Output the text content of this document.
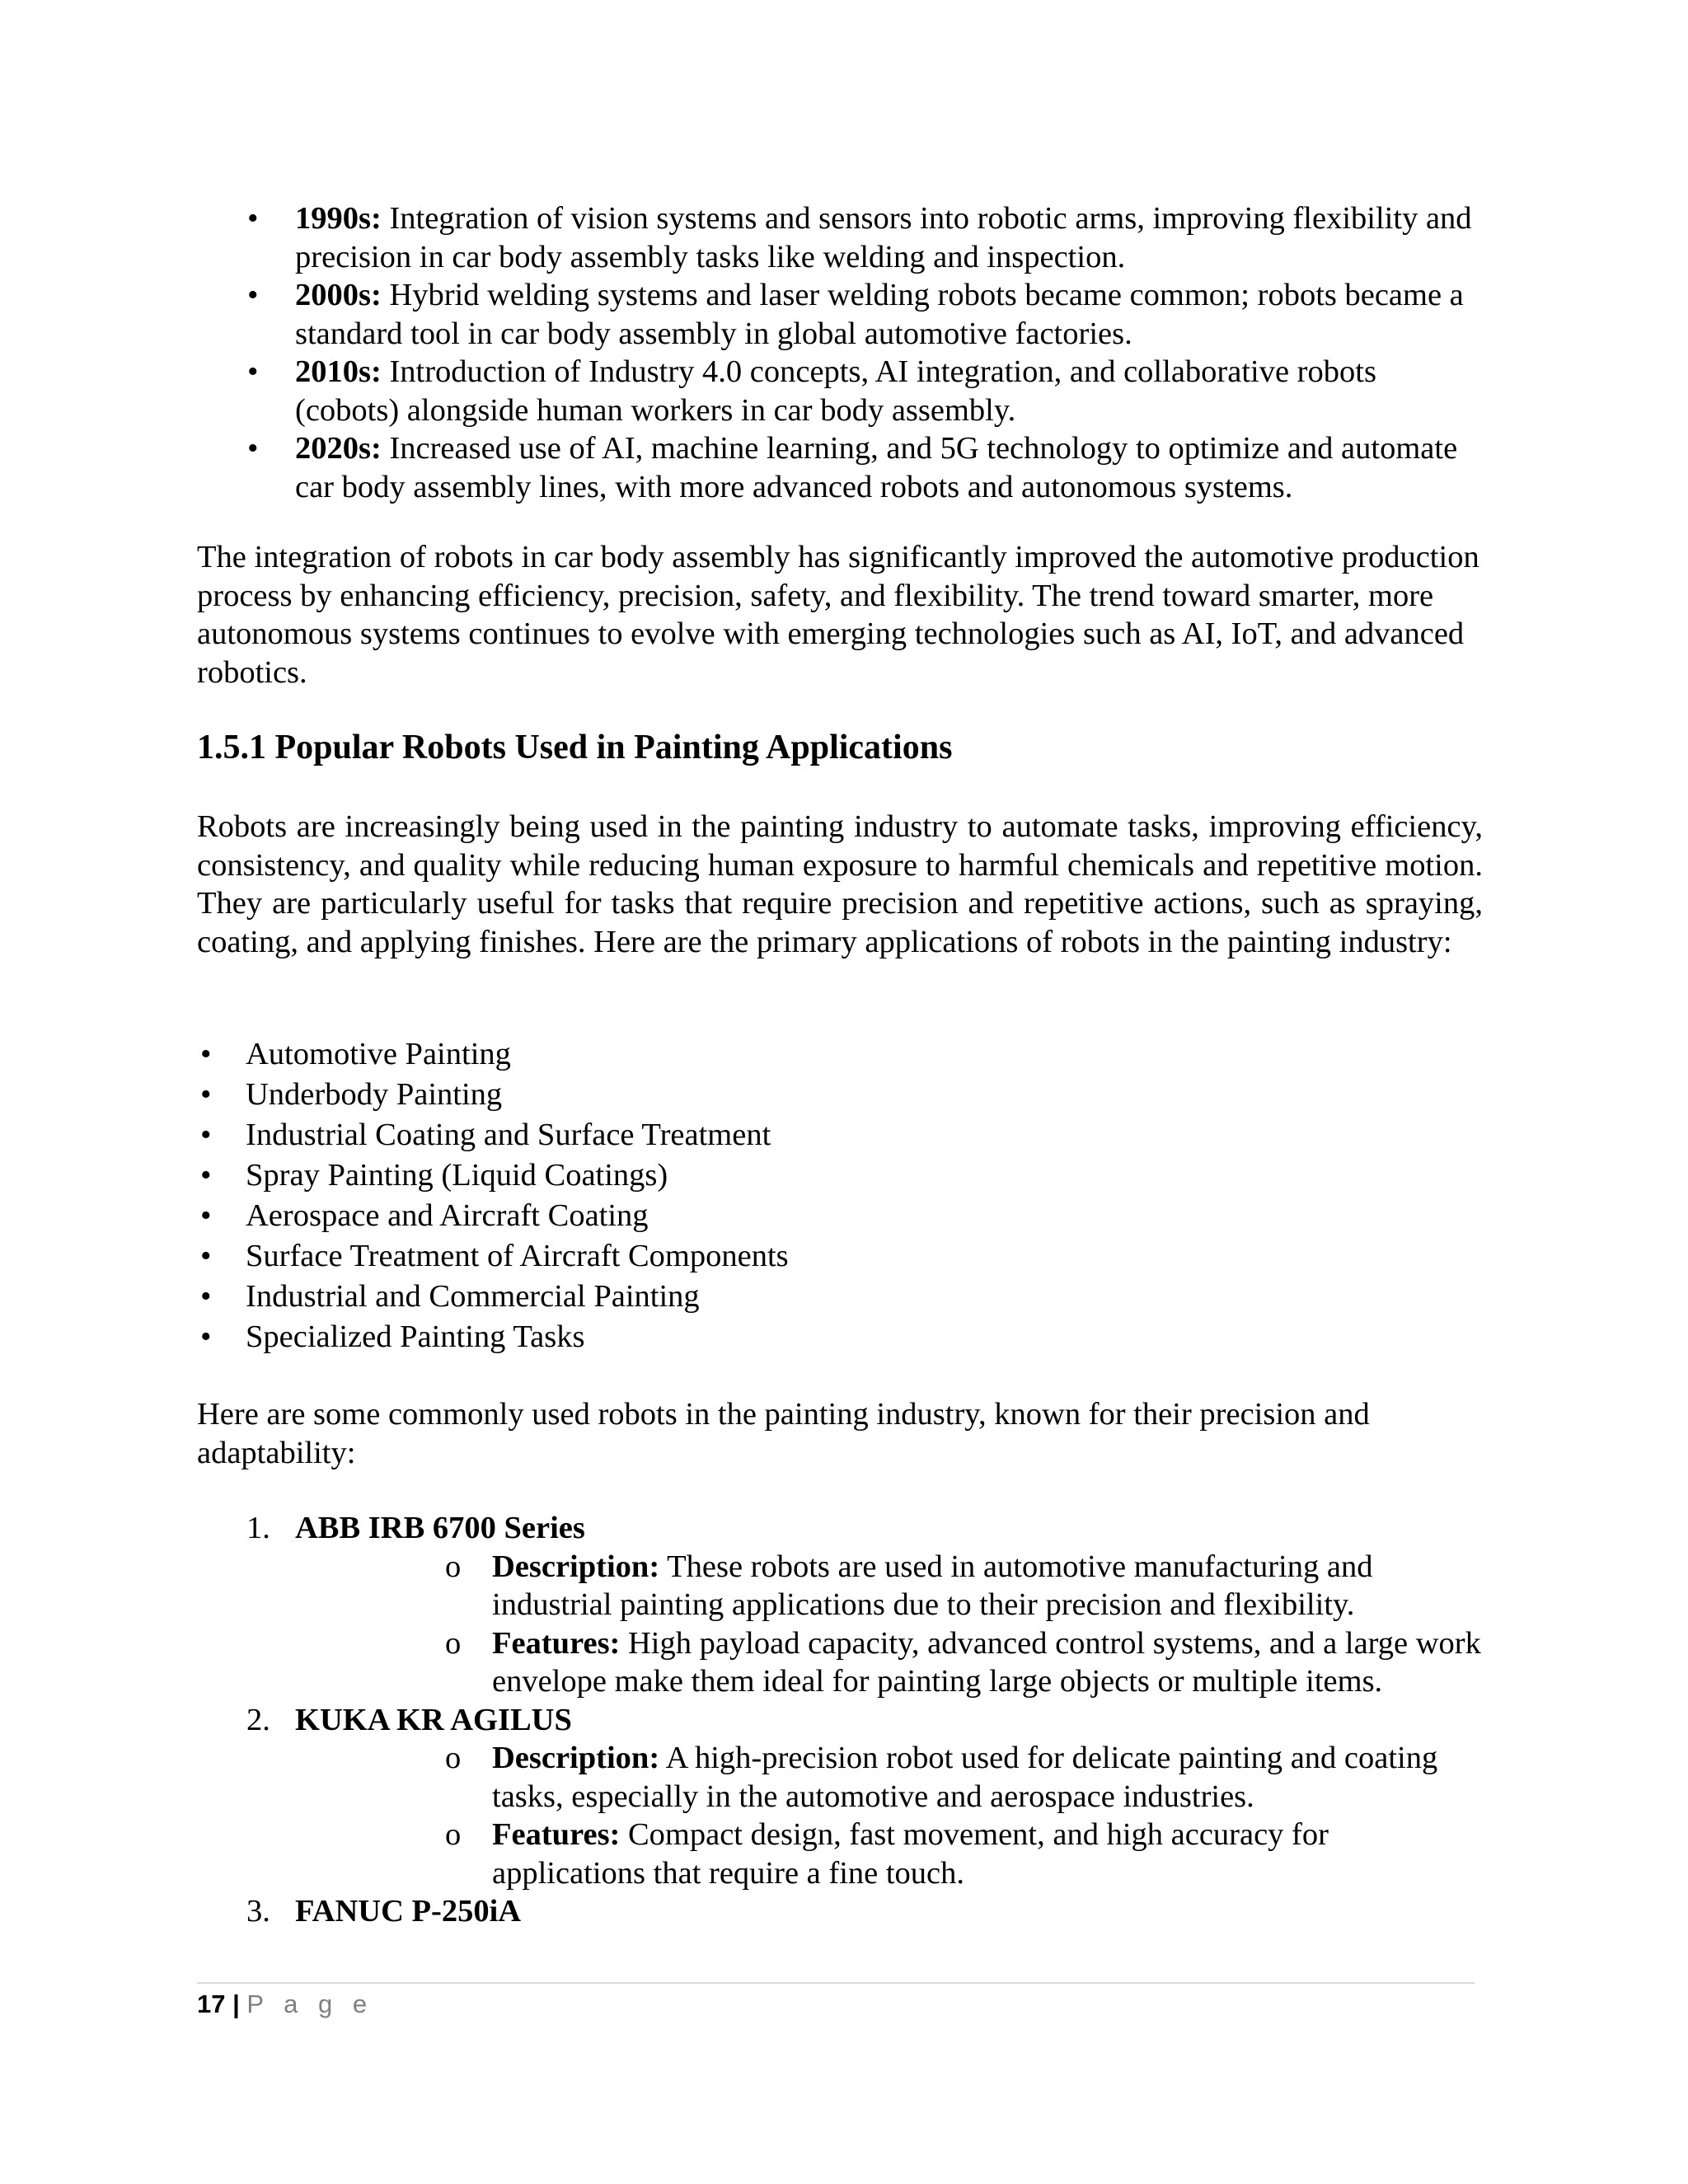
• 1990s: Integration of vision systems and sensors into robotic arms, improving flexibility and precision in car body assembly tasks like welding and inspection.
• 2000s: Hybrid welding systems and laser welding robots became common; robots became a standard tool in car body assembly in global automotive factories.
• 2010s: Introduction of Industry 4.0 concepts, AI integration, and collaborative robots (cobots) alongside human workers in car body assembly.
• 2020s: Increased use of AI, machine learning, and 5G technology to optimize and automate car body assembly lines, with more advanced robots and autonomous systems.

The integration of robots in car body assembly has significantly improved the automotive production process by enhancing efficiency, precision, safety, and flexibility. The trend toward smarter, more autonomous systems continues to evolve with emerging technologies such as AI, IoT, and advanced robotics.

1.5.1 Popular Robots Used in Painting Applications

Robots are increasingly being used in the painting industry to automate tasks, improving efficiency, consistency, and quality while reducing human exposure to harmful chemicals and repetitive motion. They are particularly useful for tasks that require precision and repetitive actions, such as spraying, coating, and applying finishes. Here are the primary applications of robots in the painting industry:

• Automotive Painting
• Underbody Painting
• Industrial Coating and Surface Treatment
• Spray Painting (Liquid Coatings)
• Aerospace and Aircraft Coating
• Surface Treatment of Aircraft Components
• Industrial and Commercial Painting
• Specialized Painting Tasks

Here are some commonly used robots in the painting industry, known for their precision and adaptability:

1. ABB IRB 6700 Series
o Description: These robots are used in automotive manufacturing and industrial painting applications due to their precision and flexibility.
o Features: High payload capacity, advanced control systems, and a large work envelope make them ideal for painting large objects or multiple items.
2. KUKA KR AGILUS
o Description: A high-precision robot used for delicate painting and coating tasks, especially in the automotive and aerospace industries.
o Features: Compact design, fast movement, and high accuracy for applications that require a fine touch.
3. FANUC P-250iA
17 | P a g e
